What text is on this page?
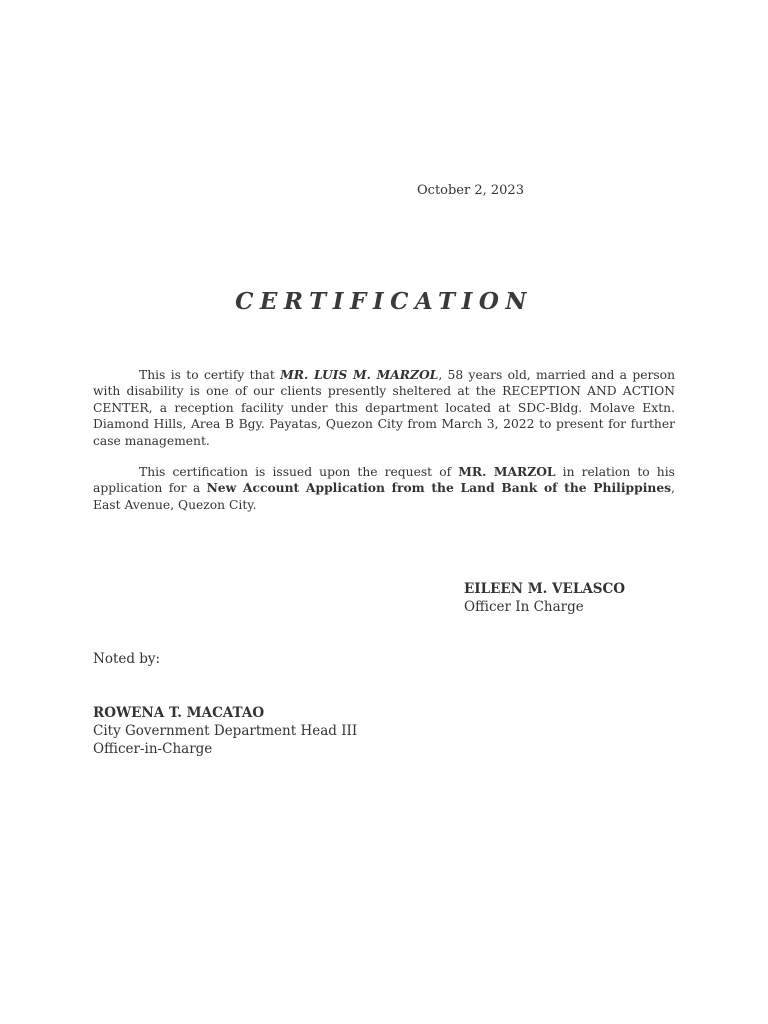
October 2, 2023
CERTIFICATION
This is to certify that MR. LUIS M. MARZOL, 58 years old, married and a person with disability is one of our clients presently sheltered at the RECEPTION AND ACTION CENTER, a reception facility under this department located at SDC-Bldg. Molave Extn. Diamond Hills, Area B Bgy. Payatas, Quezon City from March 3, 2022 to present for further case management.
This certification is issued upon the request of MR. MARZOL in relation to his application for a New Account Application from the Land Bank of the Philippines, East Avenue, Quezon City.
EILEEN M. VELASCO
Officer In Charge
Noted by:
ROWENA T. MACATAO
City Government Department Head III
Officer-in-Charge
